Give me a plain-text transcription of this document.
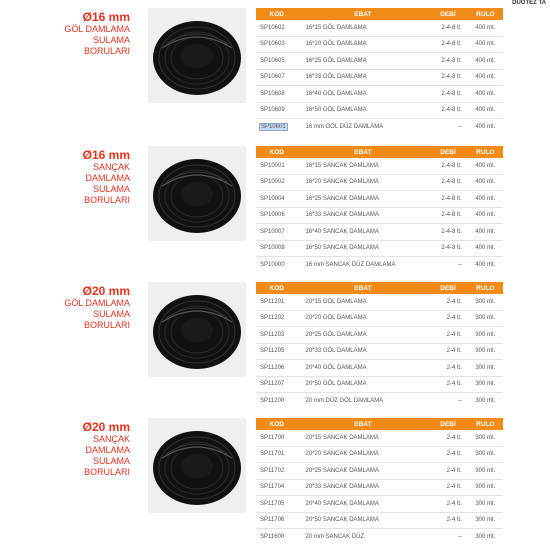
DUOTEZ TA
Ø16 mm
GÖL DAMLAMA
SULAMA
BORULARI
KOD	EBAT	DEBİ	RULO
SP10602	16*15 GÖL DAMLAMA	2-4-8 lt.	400 mt.
SP10603	16*20 GÖL DAMLAMA	2-4-8 lt.	400 mt.
SP10605	16*25 GÖL DAMLAMA	2-4-8 lt.	400 mt.
SP10607	16*33 GÖL DAMLAMA	2-4-8 lt.	400 mt.
SP10608	16*40 GÖL DAMLAMA	2-4-8 lt.	400 mt.
SP10609	16*50 GÖL DAMLAMA	2-4-8 lt.	400 mt.
SP10601	16 mm GÖL DÜZ DAMLAMA	–	400 mt.
Ø16 mm
SANÇAK
DAMLAMA
SULAMA
BORULARI
KOD	EBAT	DEBİ	RULO
SP10001	16*15 SANCAK DAMLAMA	2-4-8 lt.	400 mt.
SP10002	16*20 SANCAK DAMLAMA	2-4-8 lt.	400 mt.
SP10004	16*25 SANCAK DAMLAMA	2-4-8 lt.	400 mt.
SP10006	16*33 SANCAK DAMLAMA	2-4-8 lt.	400 mt.
SP10007	16*40 SANCAK DAMLAMA	2-4-8 lt.	400 mt.
SP10008	16*50 SANCAK DAMLAMA	2-4-8 lt.	400 mt.
SP10000	16 mm SANCAK DÜZ DAMLAMA	–	400 mt.
Ø20 mm
GÖL DAMLAMA
SULAMA
BORULARI
KOD	EBAT	DEBİ	RULO
SP11201	20*15 GÖL DAMLAMA	2-4 lt.	300 mt.
SP11202	20*20 GÖL DAMLAMA	2-4 lt.	300 mt.
SP11203	20*25 GÖL DAMLAMA	2-4 lt.	300 mt.
SP11205	20*33 GÖL DAMLAMA	2-4 lt.	300 mt.
SP11206	20*40 GÖL DAMLAMA	2-4 lt.	300 mt.
SP11207	20*50 GÖL DAMLAMA	2-4 lt.	300 mt.
SP11200	20 mm DÜZ GÖL DAMLAMA	–	300 mt.
Ø20 mm
SANÇAK
DAMLAMA
SULAMA
BORULARI
KOD	EBAT	DEBİ	RULO
SP11700	20*15 SANCAK DAMLAMA	2-4 lt.	300 mt.
SP11701	20*20 SANCAK DAMLAMA	2-4 lt.	300 mt.
SP11702	20*25 SANCAK DAMLAMA	2-4 lt.	300 mt.
SP11704	20*33 SANCAK DAMLAMA	2-4 lt.	300 mt.
SP11705	20*40 SANCAK DAMLAMA	2-4 lt.	300 mt.
SP11706	20*50 SANCAK DAMLAMA	2-4 lt.	300 mt.
SP11600	20 mm SANCAK DÜZ	–	300 mt.
